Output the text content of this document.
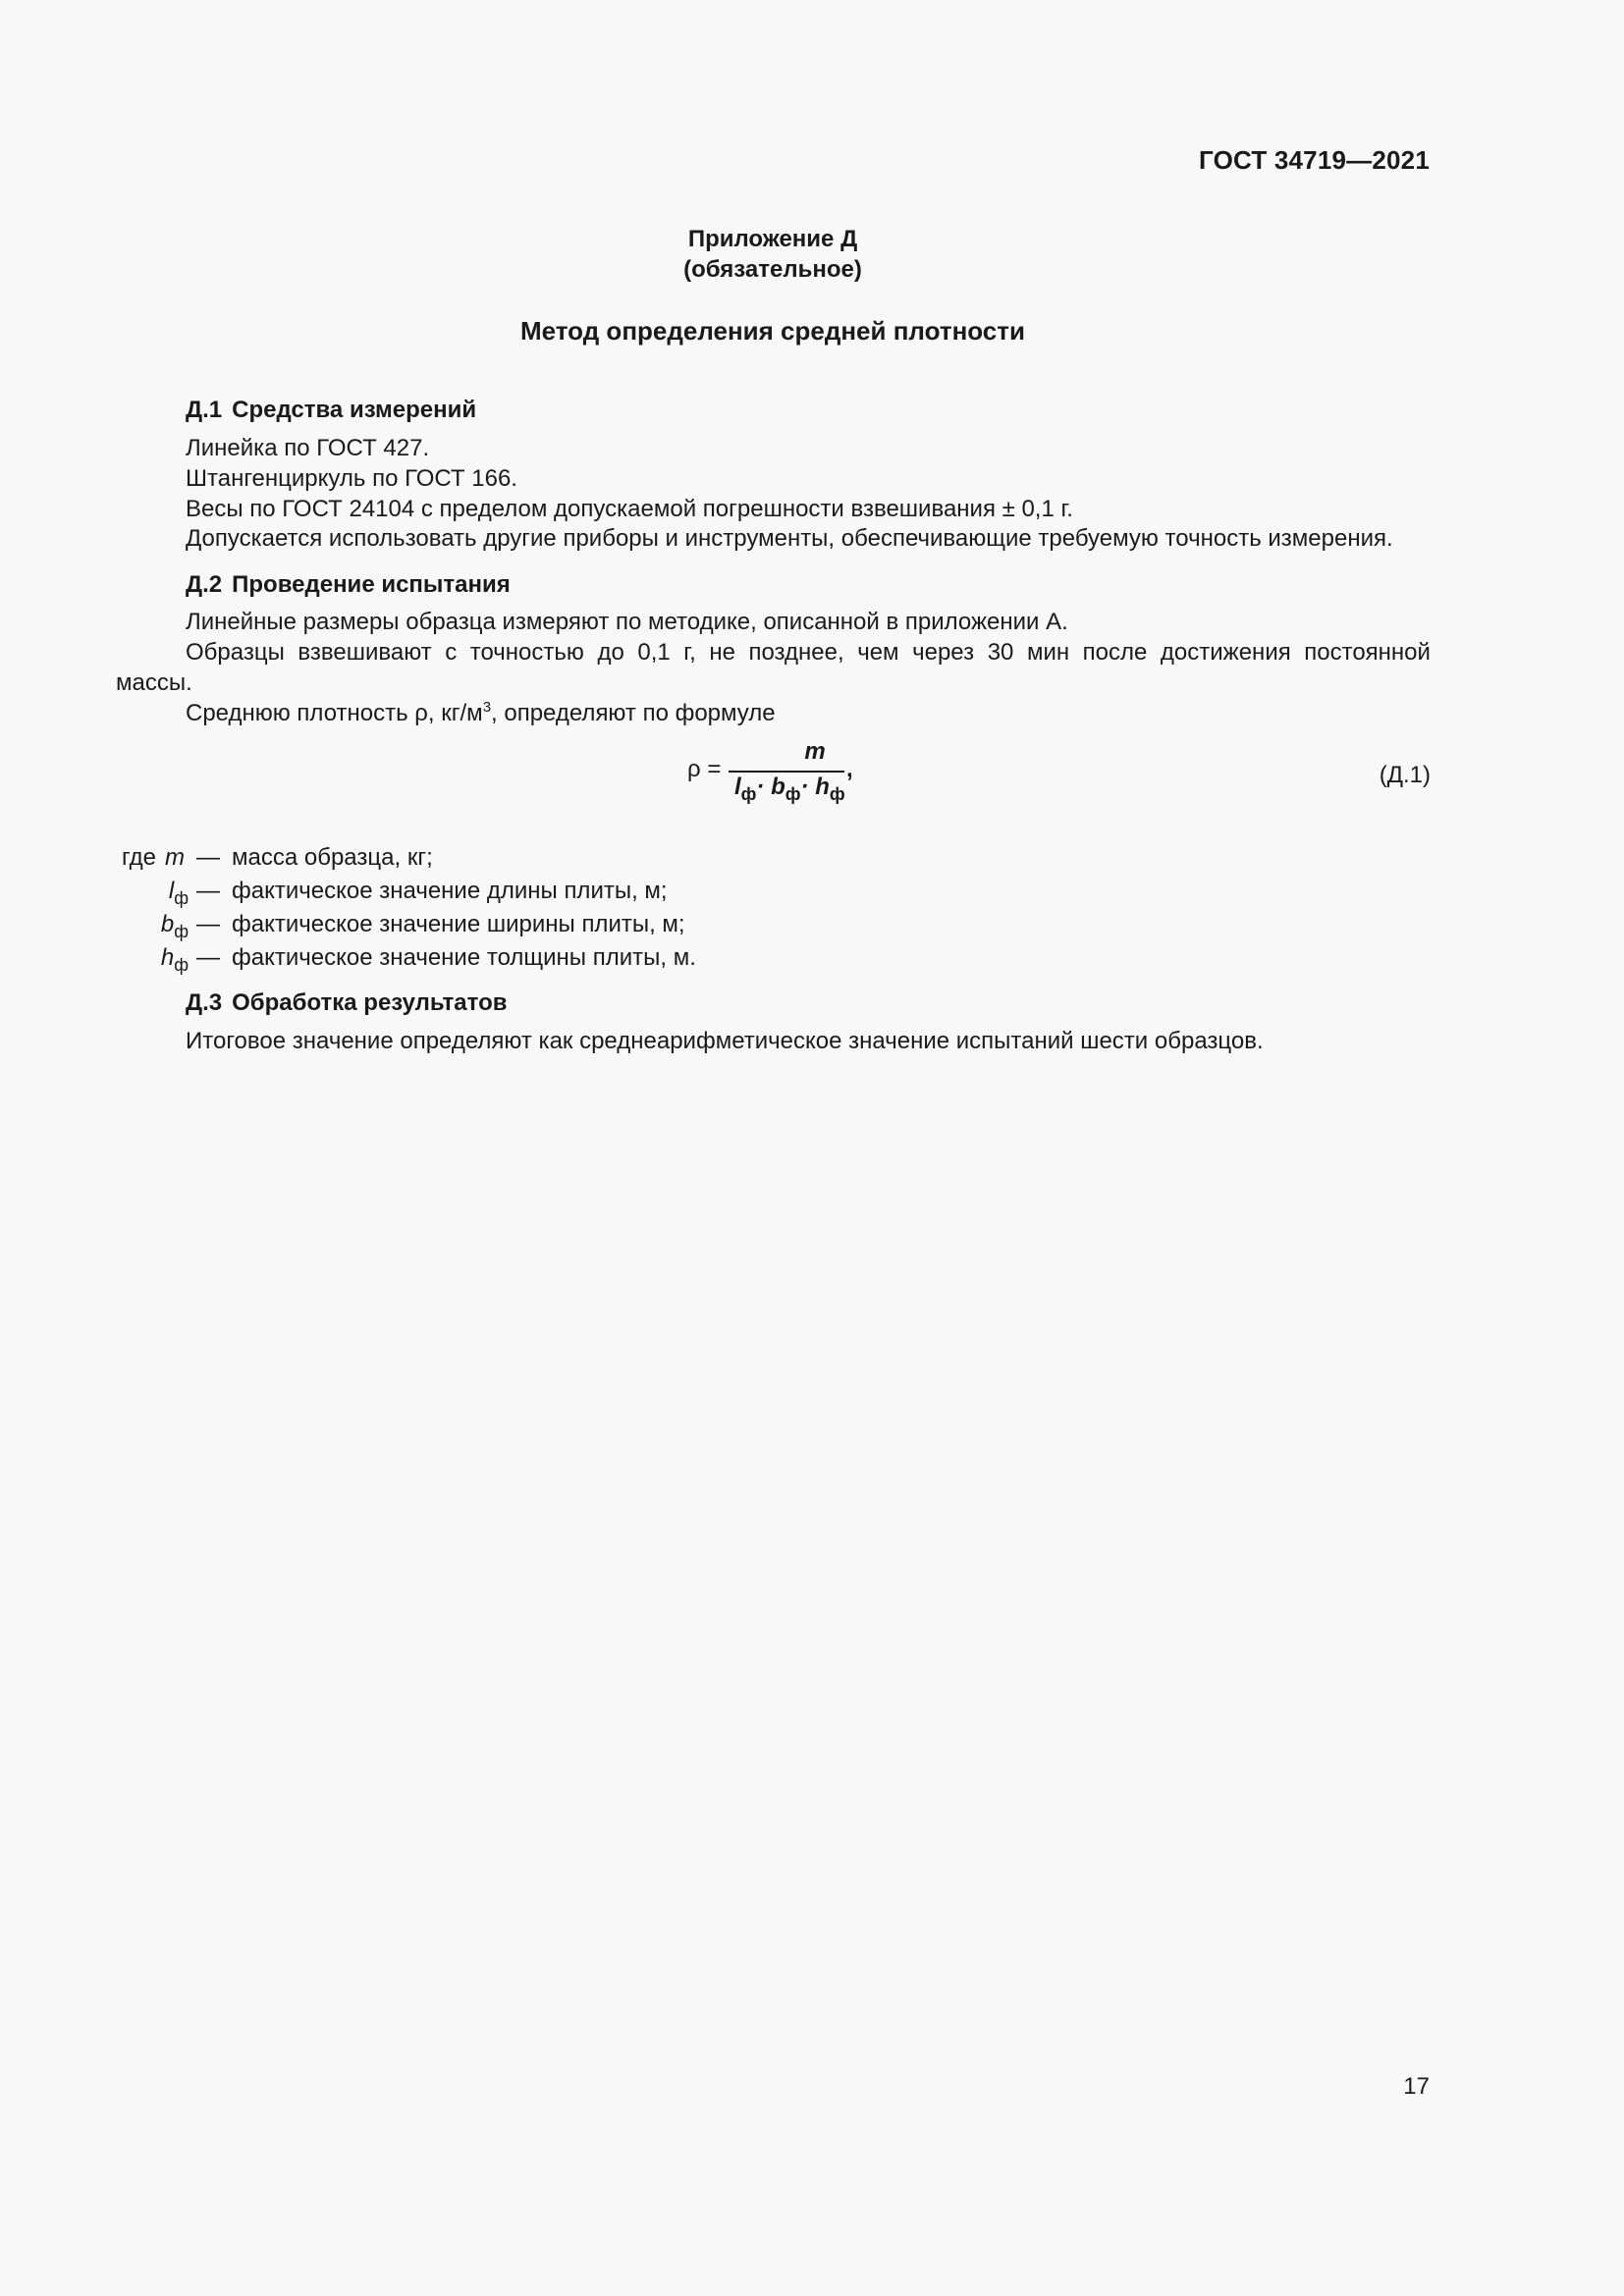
ГОСТ 34719—2021
Приложение Д
(обязательное)
Метод определения средней плотности
Д.1 Средства измерений
Линейка по ГОСТ 427.
Штангенциркуль по ГОСТ 166.
Весы по ГОСТ 24104 с пределом допускаемой погрешности взвешивания ± 0,1 г.
Допускается использовать другие приборы и инструменты, обеспечивающие требуемую точность измерения.
Д.2 Проведение испытания
Линейные размеры образца измеряют по методике, описанной в приложении А.
Образцы взвешивают с точностью до 0,1 г, не позднее, чем через 30 мин после достижения постоянной
массы.
Среднюю плотность ρ, $кг/м^3$, определяют по формуле
ρ =
m
$l_ф\cdot b_ф\cdot h_ф$
,	(Д.1)
где m — масса образца, кг;
$l_ф$ — фактическое значение длины плиты, м;
$b_ф$ — фактическое значение ширины плиты, м;
$h_ф$ — фактическое значение толщины плиты, м.
Д.3 Обработка результатов
Итоговое значение определяют как среднеарифметическое значение испытаний шести образцов.
17
